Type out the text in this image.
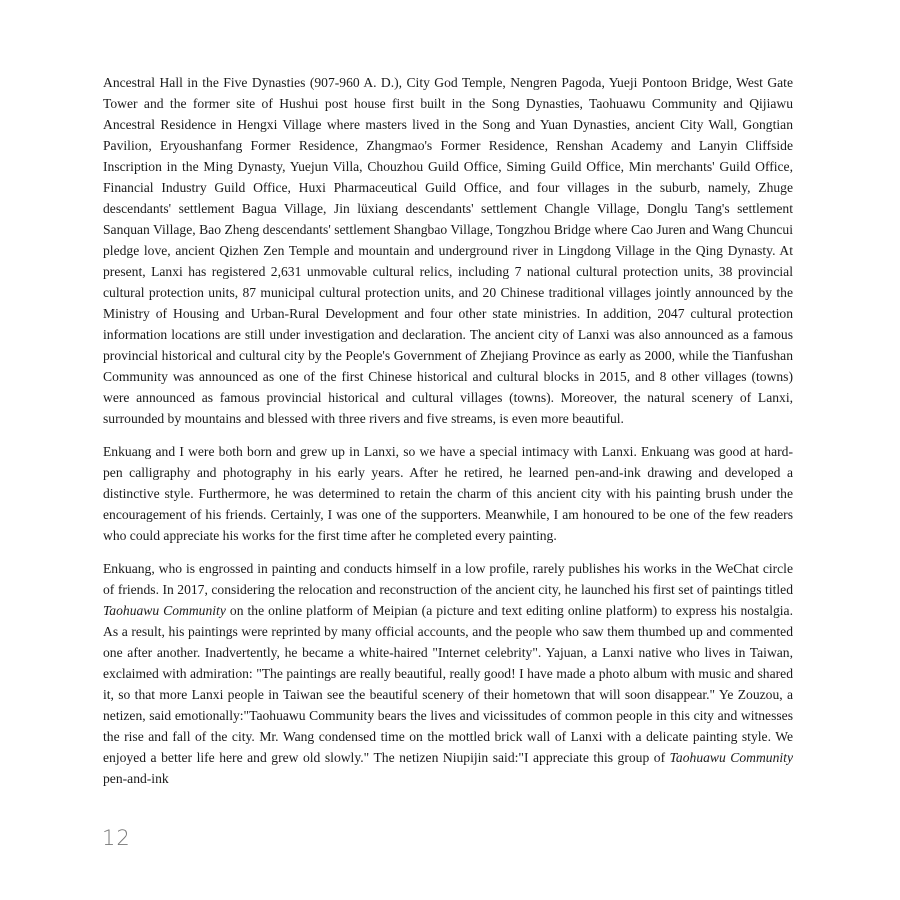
Ancestral Hall in the Five Dynasties (907-960 A. D.), City God Temple, Nengren Pagoda, Yueji Pontoon Bridge, West Gate Tower and the former site of Hushui post house first built in the Song Dynasties, Taohuawu Community and Qijiawu Ancestral Residence in Hengxi Village where masters lived in the Song and Yuan Dynasties, ancient City Wall, Gongtian Pavilion, Eryoushanfang Former Residence, Zhangmao's Former Residence, Renshan Academy and Lanyin Cliffside Inscription in the Ming Dynasty, Yuejun Villa, Chouzhou Guild Office, Siming Guild Office, Min merchants' Guild Office, Financial Industry Guild Office, Huxi Pharmaceutical Guild Office, and four villages in the suburb, namely, Zhuge descendants' settlement Bagua Village, Jin lüxiang descendants' settlement Changle Village, Donglu Tang's settlement Sanquan Village, Bao Zheng descendants' settlement Shangbao Village, Tongzhou Bridge where Cao Juren and Wang Chuncui pledge love, ancient Qizhen Zen Temple and mountain and underground river in Lingdong Village in the Qing Dynasty. At present, Lanxi has registered 2,631 unmovable cultural relics, including 7 national cultural protection units, 38 provincial cultural protection units, 87 municipal cultural protection units, and 20 Chinese traditional villages jointly announced by the Ministry of Housing and Urban-Rural Development and four other state ministries. In addition, 2047 cultural protection information locations are still under investigation and declaration. The ancient city of Lanxi was also announced as a famous provincial historical and cultural city by the People's Government of Zhejiang Province as early as 2000, while the Tianfushan Community was announced as one of the first Chinese historical and cultural blocks in 2015, and 8 other villages (towns) were announced as famous provincial historical and cultural villages (towns). Moreover, the natural scenery of Lanxi, surrounded by mountains and blessed with three rivers and five streams, is even more beautiful.

Enkuang and I were both born and grew up in Lanxi, so we have a special intimacy with Lanxi. Enkuang was good at hard-pen calligraphy and photography in his early years. After he retired, he learned pen-and-ink drawing and developed a distinctive style. Furthermore, he was determined to retain the charm of this ancient city with his painting brush under the encouragement of his friends. Certainly, I was one of the supporters. Meanwhile, I am honoured to be one of the few readers who could appreciate his works for the first time after he completed every painting.

Enkuang, who is engrossed in painting and conducts himself in a low profile, rarely publishes his works in the WeChat circle of friends. In 2017, considering the relocation and reconstruction of the ancient city, he launched his first set of paintings titled Taohuawu Community on the online platform of Meipian (a picture and text editing online platform) to express his nostalgia. As a result, his paintings were reprinted by many official accounts, and the people who saw them thumbed up and commented one after another. Inadvertently, he became a white-haired "Internet celebrity". Yajuan, a Lanxi native who lives in Taiwan, exclaimed with admiration: "The paintings are really beautiful, really good! I have made a photo album with music and shared it, so that more Lanxi people in Taiwan see the beautiful scenery of their hometown that will soon disappear." Ye Zouzou, a netizen, said emotionally:"Taohuawu Community bears the lives and vicissitudes of common people in this city and witnesses the rise and fall of the city. Mr. Wang condensed time on the mottled brick wall of Lanxi with a delicate painting style. We enjoyed a better life here and grew old slowly." The netizen Niupijin said:"I appreciate this group of Taohuawu Community pen-and-ink

12
